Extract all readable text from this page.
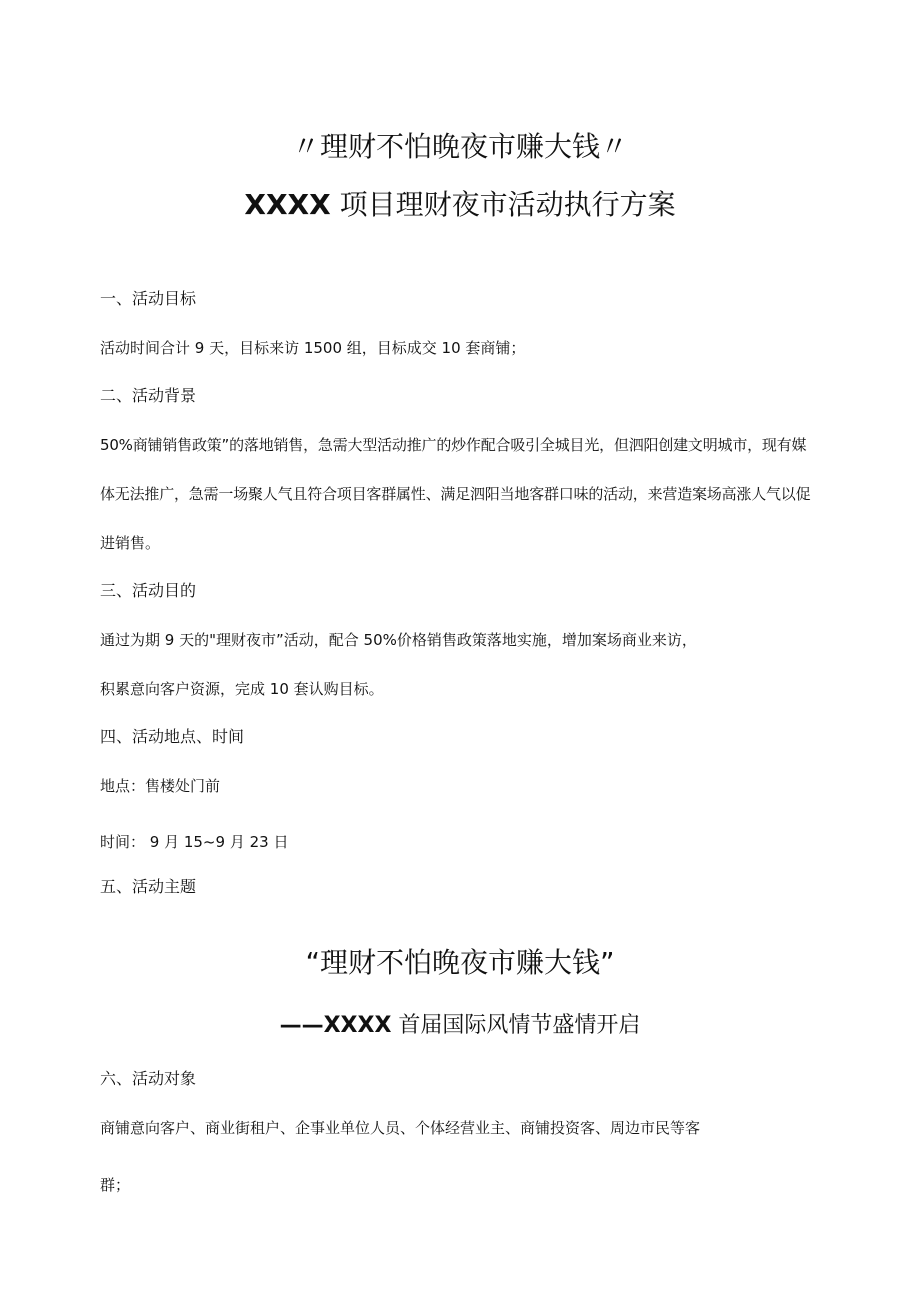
〃理财不怕晚夜市赚大钱〃
XXXX 项目理财夜市活动执行方案
一、活动目标
活动时间合计 9 天，目标来访 1500 组，目标成交 10 套商铺；
二、活动背景
50%商铺销售政策”的落地销售，急需大型活动推广的炒作配合吸引全城目光，但泗阳创建文明城市，现有媒
体无法推广，急需一场聚人气且符合项目客群属性、满足泗阳当地客群口味的活动，来营造案场高涨人气以促
进销售。
三、活动目的
通过为期 9 天的"理财夜市”活动，配合 50%价格销售政策落地实施，增加案场商业来访，
积累意向客户资源，完成 10 套认购目标。
四、活动地点、时间
地点：售楼处门前
时间： 9 月 15~9 月 23 日
五、活动主题
“理财不怕晚夜市赚大钱”
——XXXX 首届国际风情节盛情开启
六、活动对象
商铺意向客户、商业街租户、企事业单位人员、个体经营业主、商铺投资客、周边市民等客
群；
